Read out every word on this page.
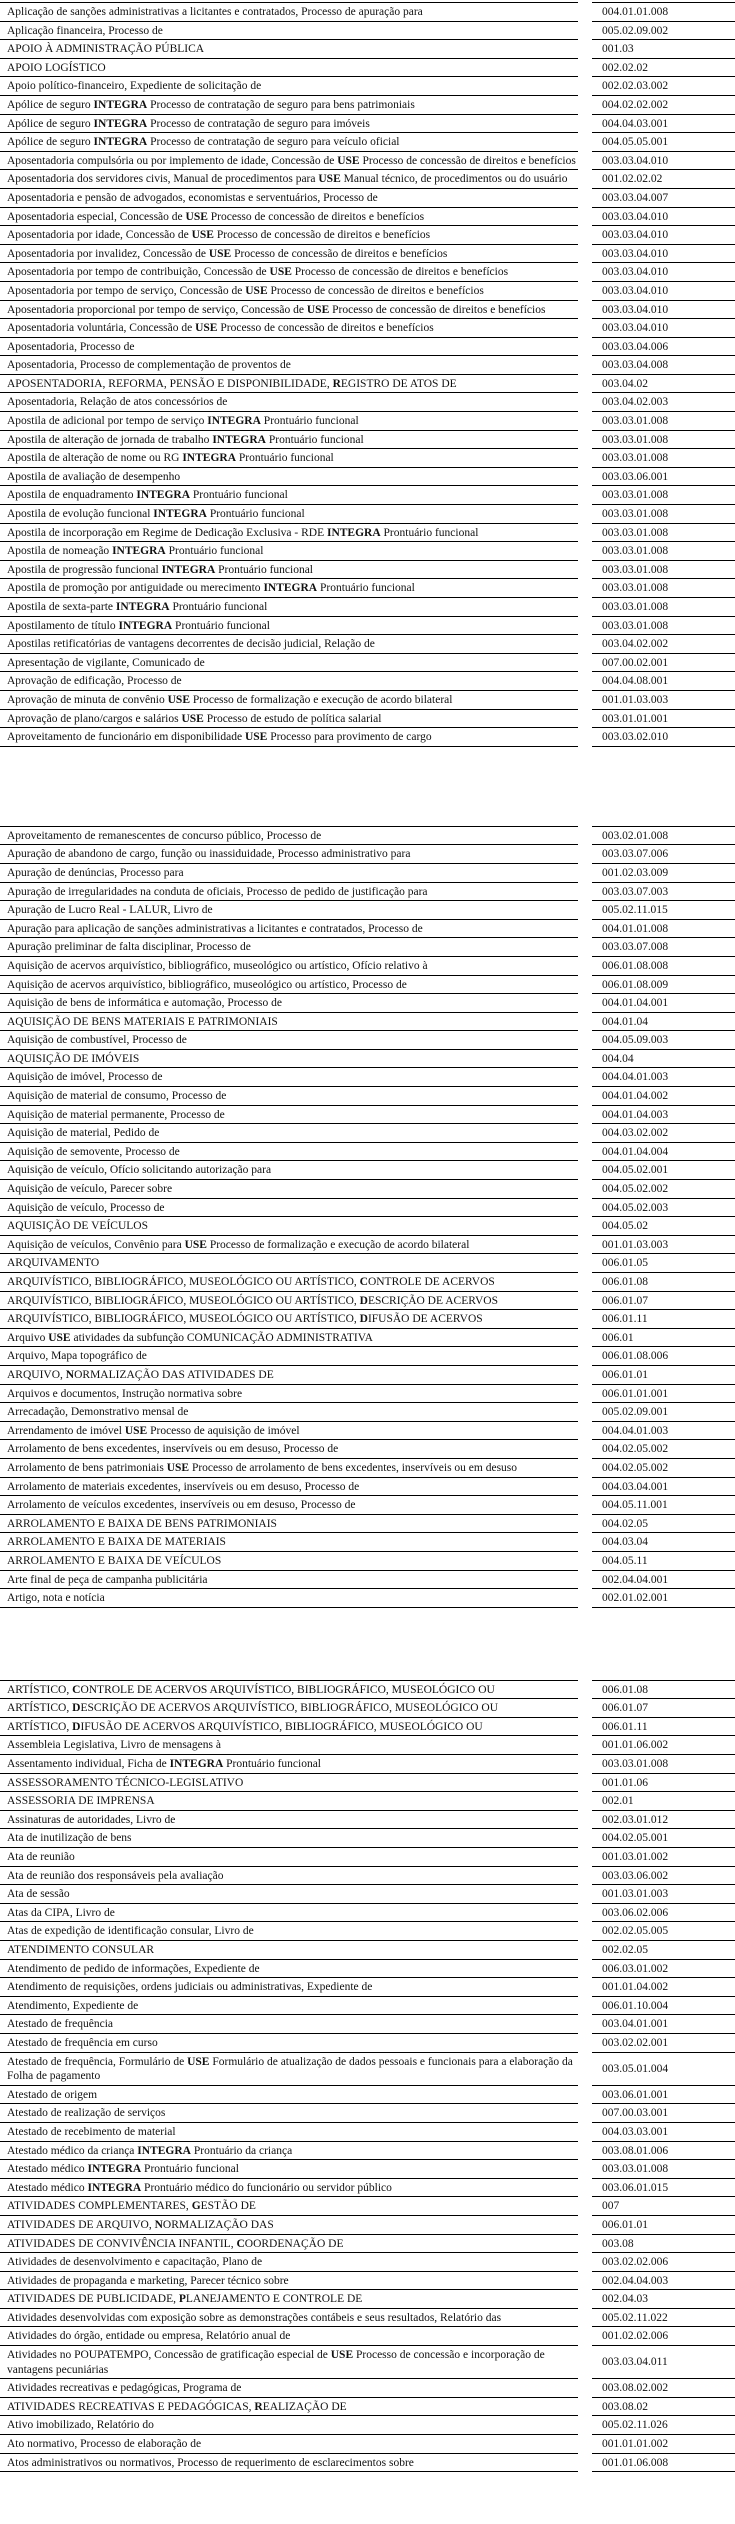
Aplicação de sanções administrativas a licitantes e contratados, Processo de apuração para		004.01.01.008
Aplicação financeira, Processo de		005.02.09.002
APOIO À ADMINISTRAÇÃO PÚBLICA		001.03
APOIO LOGÍSTICO		002.02.02
Apoio político-financeiro, Expediente de solicitação de		002.02.03.002
Apólice de seguro INTEGRA Processo de contratação de seguro para bens patrimoniais		004.02.02.002
Apólice de seguro INTEGRA Processo de contratação de seguro para imóveis		004.04.03.001
Apólice de seguro INTEGRA Processo de contratação de seguro para veículo oficial		004.05.05.001
Aposentadoria compulsória ou por implemento de idade, Concessão de USE Processo de concessão de direitos e benefícios		003.03.04.010
Aposentadoria dos servidores civis, Manual de procedimentos para USE Manual técnico, de procedimentos ou do usuário		001.02.02.02
Aposentadoria e pensão de advogados, economistas e serventuários, Processo de		003.03.04.007
Aposentadoria especial, Concessão de USE Processo de concessão de direitos e benefícios		003.03.04.010
Aposentadoria por idade, Concessão de USE Processo de concessão de direitos e benefícios		003.03.04.010
Aposentadoria por invalidez, Concessão de USE Processo de concessão de direitos e benefícios		003.03.04.010
Aposentadoria por tempo de contribuição, Concessão de USE Processo de concessão de direitos e benefícios		003.03.04.010
Aposentadoria por tempo de serviço, Concessão de USE Processo de concessão de direitos e benefícios		003.03.04.010
Aposentadoria proporcional por tempo de serviço, Concessão de USE Processo de concessão de direitos e benefícios		003.03.04.010
Aposentadoria voluntária, Concessão de USE Processo de concessão de direitos e benefícios		003.03.04.010
Aposentadoria, Processo de		003.03.04.006
Aposentadoria, Processo de complementação de proventos de		003.03.04.008
APOSENTADORIA, REFORMA, PENSÃO E DISPONIBILIDADE, REGISTRO DE ATOS DE		003.04.02
Aposentadoria, Relação de atos concessórios de		003.04.02.003
Apostila de adicional por tempo de serviço INTEGRA Prontuário funcional		003.03.01.008
Apostila de alteração de jornada de trabalho INTEGRA Prontuário funcional		003.03.01.008
Apostila de alteração de nome ou RG INTEGRA Prontuário funcional		003.03.01.008
Apostila de avaliação de desempenho		003.03.06.001
Apostila de enquadramento INTEGRA Prontuário funcional		003.03.01.008
Apostila de evolução funcional INTEGRA Prontuário funcional		003.03.01.008
Apostila de incorporação em Regime de Dedicação Exclusiva - RDE INTEGRA Prontuário funcional		003.03.01.008
Apostila de nomeação INTEGRA Prontuário funcional		003.03.01.008
Apostila de progressão funcional INTEGRA Prontuário funcional		003.03.01.008
Apostila de promoção por antiguidade ou merecimento INTEGRA Prontuário funcional		003.03.01.008
Apostila de sexta-parte INTEGRA Prontuário funcional		003.03.01.008
Apostilamento de título INTEGRA Prontuário funcional		003.03.01.008
Apostilas retificatórias de vantagens decorrentes de decisão judicial, Relação de		003.04.02.002
Apresentação de vigilante, Comunicado de		007.00.02.001
Aprovação de edificação, Processo de		004.04.08.001
Aprovação de minuta de convênio USE Processo de formalização e execução de acordo bilateral		001.01.03.003
Aprovação de plano/cargos e salários USE Processo de estudo de política salarial		003.01.01.001
Aproveitamento de funcionário em disponibilidade USE Processo para provimento de cargo		003.03.02.010
Aproveitamento de remanescentes de concurso público, Processo de		003.02.01.008
Apuração de abandono de cargo, função ou inassiduidade, Processo administrativo para		003.03.07.006
Apuração de denúncias, Processo para		001.02.03.009
Apuração de irregularidades na conduta de oficiais, Processo de pedido de justificação para		003.03.07.003
Apuração de Lucro Real - LALUR, Livro de		005.02.11.015
Apuração para aplicação de sanções administrativas a licitantes e contratados, Processo de		004.01.01.008
Apuração preliminar de falta disciplinar, Processo de		003.03.07.008
Aquisição de acervos arquivístico, bibliográfico, museológico ou artístico, Ofício relativo à		006.01.08.008
Aquisição de acervos arquivístico, bibliográfico, museológico ou artístico, Processo de		006.01.08.009
Aquisição de bens de informática e automação, Processo de		004.01.04.001
AQUISIÇÃO DE BENS MATERIAIS E PATRIMONIAIS		004.01.04
Aquisição de combustível, Processo de		004.05.09.003
AQUISIÇÃO DE IMÓVEIS		004.04
Aquisição de imóvel, Processo de		004.04.01.003
Aquisição de material de consumo, Processo de		004.01.04.002
Aquisição de material permanente, Processo de		004.01.04.003
Aquisição de material, Pedido de		004.03.02.002
Aquisição de semovente, Processo de		004.01.04.004
Aquisição de veículo, Ofício solicitando autorização para		004.05.02.001
Aquisição de veículo, Parecer sobre		004.05.02.002
Aquisição de veículo, Processo de		004.05.02.003
AQUISIÇÃO DE VEÍCULOS		004.05.02
Aquisição de veículos, Convênio para USE Processo de formalização e execução de acordo bilateral		001.01.03.003
ARQUIVAMENTO		006.01.05
ARQUIVÍSTICO, BIBLIOGRÁFICO, MUSEOLÓGICO OU ARTÍSTICO, CONTROLE DE ACERVOS		006.01.08
ARQUIVÍSTICO, BIBLIOGRÁFICO, MUSEOLÓGICO OU ARTÍSTICO, DESCRIÇÃO DE ACERVOS		006.01.07
ARQUIVÍSTICO, BIBLIOGRÁFICO, MUSEOLÓGICO OU ARTÍSTICO, DIFUSÃO DE ACERVOS		006.01.11
Arquivo USE atividades da subfunção COMUNICAÇÃO ADMINISTRATIVA		006.01
Arquivo, Mapa topográfico de		006.01.08.006
ARQUIVO, NORMALIZAÇÃO DAS ATIVIDADES DE		006.01.01
Arquivos e documentos, Instrução normativa sobre		006.01.01.001
Arrecadação, Demonstrativo mensal de		005.02.09.001
Arrendamento de imóvel USE Processo de aquisição de imóvel		004.04.01.003
Arrolamento de bens excedentes, inservíveis ou em desuso, Processo de		004.02.05.002
Arrolamento de bens patrimoniais USE Processo de arrolamento de bens excedentes, inservíveis ou em desuso		004.02.05.002
Arrolamento de materiais excedentes, inservíveis ou em desuso, Processo de		004.03.04.001
Arrolamento de veículos excedentes, inservíveis ou em desuso, Processo de		004.05.11.001
ARROLAMENTO E BAIXA DE BENS PATRIMONIAIS		004.02.05
ARROLAMENTO E BAIXA DE MATERIAIS		004.03.04
ARROLAMENTO E BAIXA DE VEÍCULOS		004.05.11
Arte final de peça de campanha publicitária		002.04.04.001
Artigo, nota e notícia		002.01.02.001
ARTÍSTICO, CONTROLE DE ACERVOS ARQUIVÍSTICO, BIBLIOGRÁFICO, MUSEOLÓGICO OU		006.01.08
ARTÍSTICO, DESCRIÇÃO DE ACERVOS ARQUIVÍSTICO, BIBLIOGRÁFICO, MUSEOLÓGICO OU		006.01.07
ARTÍSTICO, DIFUSÃO DE ACERVOS ARQUIVÍSTICO, BIBLIOGRÁFICO, MUSEOLÓGICO OU		006.01.11
Assembleia Legislativa, Livro de mensagens à		001.01.06.002
Assentamento individual, Ficha de INTEGRA Prontuário funcional		003.03.01.008
ASSESSORAMENTO TÉCNICO-LEGISLATIVO		001.01.06
ASSESSORIA DE IMPRENSA		002.01
Assinaturas de autoridades, Livro de		002.03.01.012
Ata de inutilização de bens		004.02.05.001
Ata de reunião		001.03.01.002
Ata de reunião dos responsáveis pela avaliação		003.03.06.002
Ata de sessão		001.03.01.003
Atas da CIPA, Livro de		003.06.02.006
Atas de expedição de identificação consular, Livro de		002.02.05.005
ATENDIMENTO CONSULAR		002.02.05
Atendimento de pedido de informações, Expediente de		006.03.01.002
Atendimento de requisições, ordens judiciais ou administrativas, Expediente de		001.01.04.002
Atendimento, Expediente de		006.01.10.004
Atestado de frequência		003.04.01.001
Atestado de frequência em curso		003.02.02.001
Atestado de frequência, Formulário de USE Formulário de atualização de dados pessoais e funcionais para a elaboração da Folha de pagamento		003.05.01.004
Atestado de origem		003.06.01.001
Atestado de realização de serviços		007.00.03.001
Atestado de recebimento de material		004.03.03.001
Atestado médico da criança INTEGRA Prontuário da criança		003.08.01.006
Atestado médico INTEGRA Prontuário funcional		003.03.01.008
Atestado médico INTEGRA Prontuário médico do funcionário ou servidor público		003.06.01.015
ATIVIDADES COMPLEMENTARES, GESTÃO DE		007
ATIVIDADES DE ARQUIVO, NORMALIZAÇÃO DAS		006.01.01
ATIVIDADES DE CONVIVÊNCIA INFANTIL, COORDENAÇÃO DE		003.08
Atividades de desenvolvimento e capacitação, Plano de		003.02.02.006
Atividades de propaganda e marketing, Parecer técnico sobre		002.04.04.003
ATIVIDADES DE PUBLICIDADE, PLANEJAMENTO E CONTROLE DE		002.04.03
Atividades desenvolvidas com exposição sobre as demonstrações contábeis e seus resultados, Relatório das		005.02.11.022
Atividades do órgão, entidade ou empresa, Relatório anual de		001.02.02.006
Atividades no POUPATEMPO, Concessão de gratificação especial de USE Processo de concessão e incorporação de vantagens pecuniárias		003.03.04.011
Atividades recreativas e pedagógicas, Programa de		003.08.02.002
ATIVIDADES RECREATIVAS E PEDAGÓGICAS, REALIZAÇÃO DE		003.08.02
Ativo imobilizado, Relatório do		005.02.11.026
Ato normativo, Processo de elaboração de		001.01.01.002
Atos administrativos ou normativos, Processo de requerimento de esclarecimentos sobre		001.01.06.008
